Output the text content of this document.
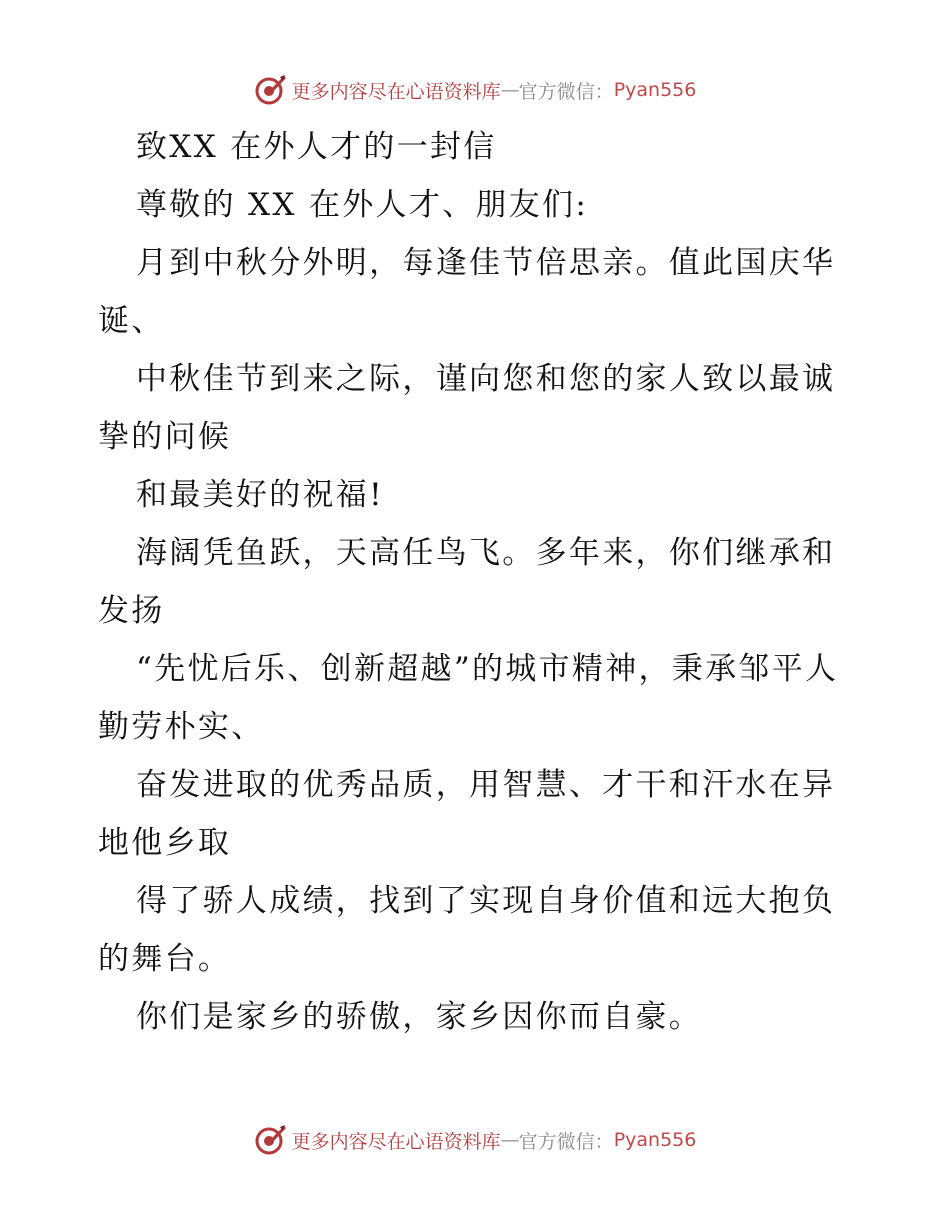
更多内容尽在心语资料库 — 官方微信： Pyan556

致XX 在外人才的一封信

尊敬的 XX 在外人才、朋友们:

月到中秋分外明，每逢佳节倍思亲。值此国庆华诞、

中秋佳节到来之际，谨向您和您的家人致以最诚挚的问候

和最美好的祝福!

海阔凭鱼跃，天高任鸟飞。多年来，你们继承和发扬

“先忧后乐、创新超越”的城市精神，秉承邹平人勤劳朴实、

奋发进取的优秀品质，用智慧、才干和汗水在异地他乡取

得了骄人成绩，找到了实现自身价值和远大抱负的舞台。

你们是家乡的骄傲，家乡因你而自豪。

更多内容尽在心语资料库 — 官方微信： Pyan556
